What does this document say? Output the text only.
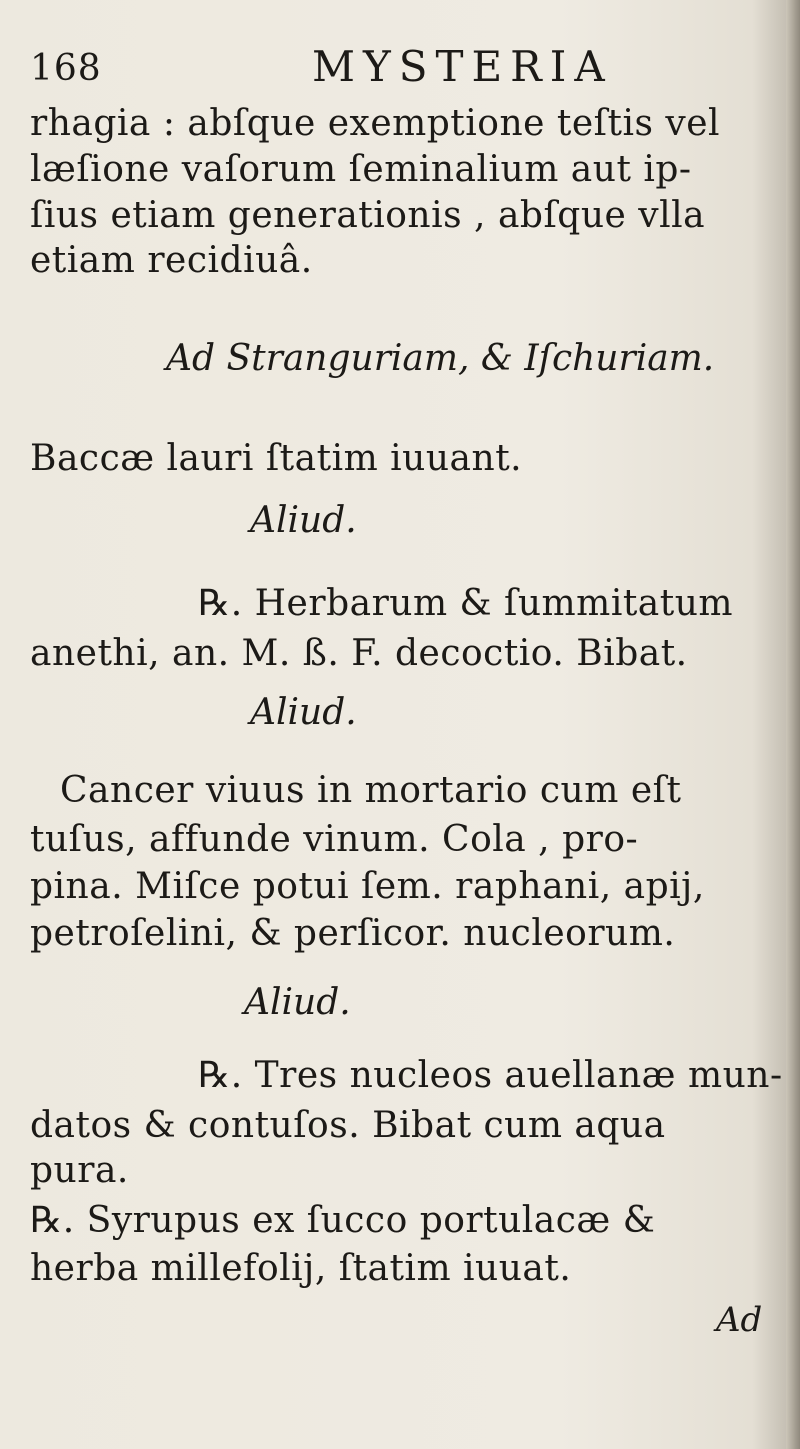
168	MYSTERIA
rhagia : abſque exemptione teſtis vel
læſione vaſorum ſeminalium aut ip-
ſius etiam generationis , abſque vlla
etiam recidiuâ.
Ad Stranguriam, & Iſchuriam.
Baccæ lauri ſtatim iuuant.
Aliud.
℞. Herbarum & ſummitatum
anethi, an. M. ß. F. decoctio. Bibat.
Aliud.
Cancer viuus in mortario cum eſt
tuſus, affunde vinum. Cola , pro-
pina. Miſce potui ſem. raphani, apij,
petroſelini, & perſicor. nucleorum.
Aliud.
℞. Tres nucleos auellanæ mun-
datos & contuſos. Bibat cum aqua
pura.
℞. Syrupus ex ſucco portulacæ &
herba millefolij, ſtatim iuuat.
Ad
